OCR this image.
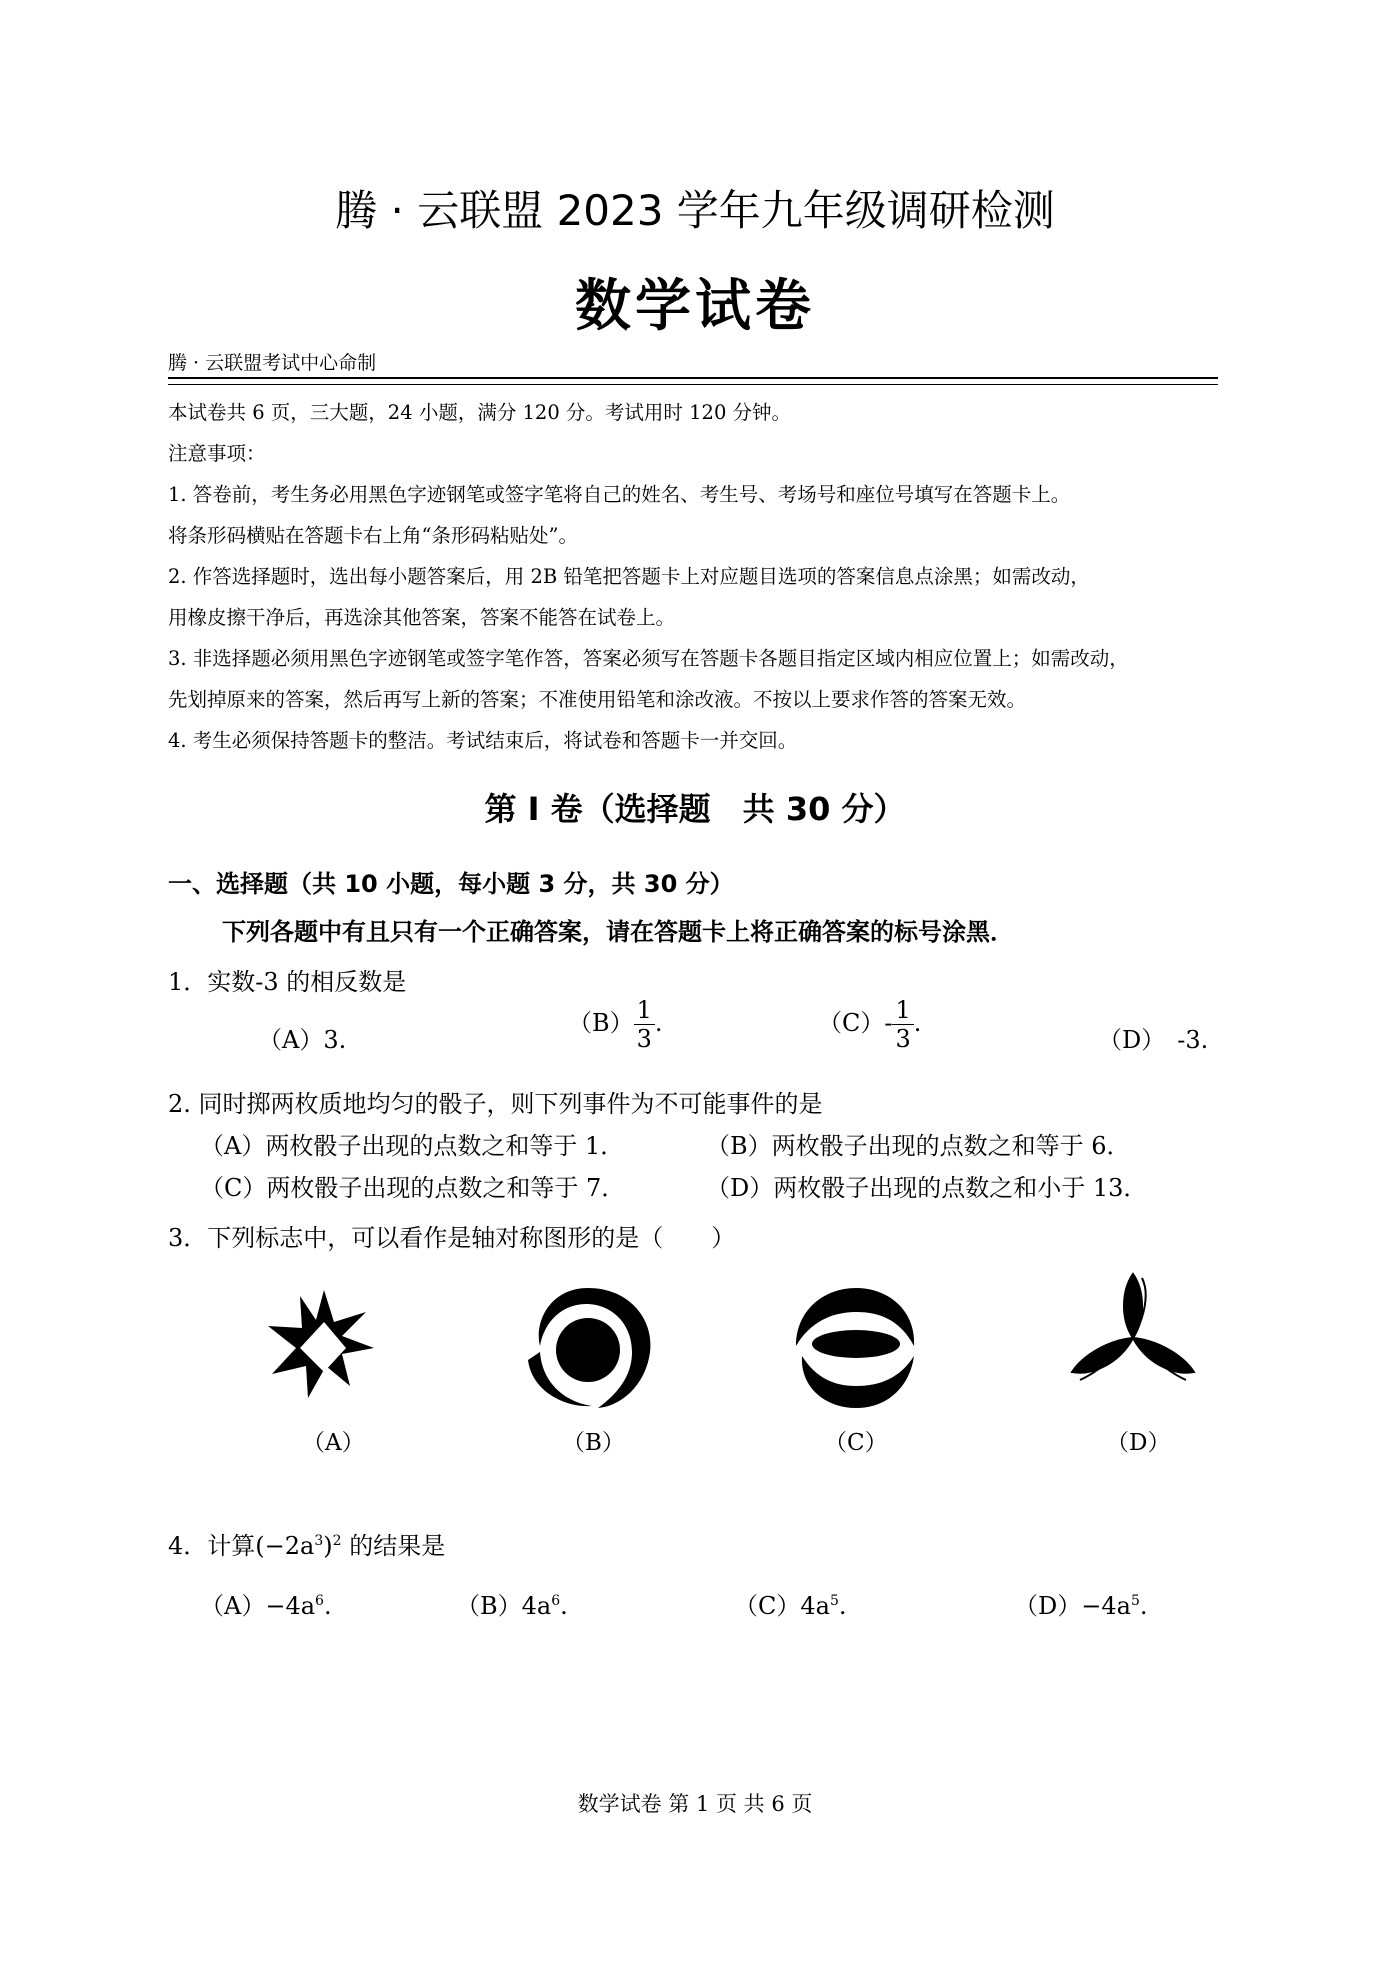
腾 · 云联盟 2023 学年九年级调研检测
数学试卷
腾 · 云联盟考试中心命制
本试卷共 6 页，三大题，24 小题，满分 120 分。考试用时 120 分钟。
注意事项：
1. 答卷前，考生务必用黑色字迹钢笔或签字笔将自己的姓名、考生号、考场号和座位号填写在答题卡上。
将条形码横贴在答题卡右上角“条形码粘贴处”。
2. 作答选择题时，选出每小题答案后，用 2B 铅笔把答题卡上对应题目选项的答案信息点涂黑；如需改动，
用橡皮擦干净后，再选涂其他答案，答案不能答在试卷上。
3. 非选择题必须用黑色字迹钢笔或签字笔作答，答案必须写在答题卡各题目指定区域内相应位置上；如需改动，
先划掉原来的答案，然后再写上新的答案；不准使用铅笔和涂改液。不按以上要求作答的答案无效。
4. 考生必须保持答题卡的整洁。考试结束后，将试卷和答题卡一并交回。
第 I 卷（选择题　共 30 分）
一、选择题（共 10 小题，每小题 3 分，共 30 分）
下列各题中有且只有一个正确答案，请在答题卡上将正确答案的标号涂黑．
1．实数-3 的相反数是
（A）3.
$(B) \frac{1}{3}$ .	$(C)- \frac{1}{3}$ .
（D）　-3.
2. 同时掷两枚质地均匀的骰子，则下列事件为不可能事件的是
（A）两枚骰子出现的点数之和等于 1．	（B）两枚骰子出现的点数之和等于 6．
（C）两枚骰子出现的点数之和等于 7．	（D）两枚骰子出现的点数之和小于 13．
3．下列标志中，可以看作是轴对称图形的是（　　）
（A）	（B）	（C）	（D）
4．计算$(-2a^3)^2$ 的结果是
$(A)-4a^6$.	$(B)4a^6$.	$(C)4a^5$.	$(D)-4a^5$.
数学试卷 第 1 页 共 6 页
